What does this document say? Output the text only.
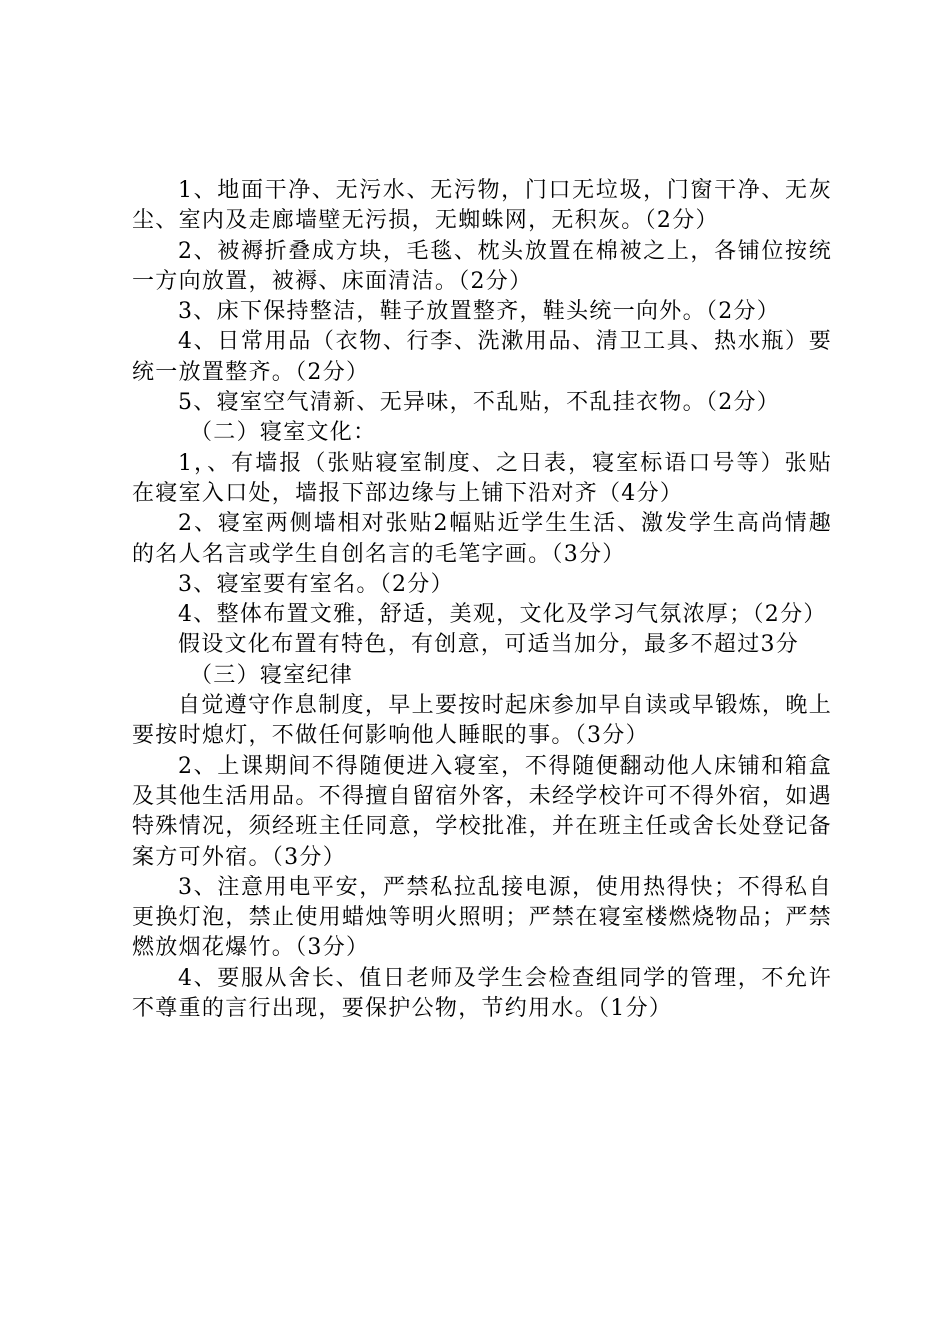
1、地面干净、无污水、无污物，门口无垃圾，门窗干净、无灰尘、室内及走廊墙壁无污损，无蜘蛛网，无积灰。（2分）

2、被褥折叠成方块，毛毯、枕头放置在棉被之上，各铺位按统一方向放置，被褥、床面清洁。（2分）

3、床下保持整洁，鞋子放置整齐，鞋头统一向外。（2分）

4、日常用品（衣物、行李、洗漱用品、清卫工具、热水瓶）要统一放置整齐。（2分）

5、寝室空气清新、无异味，不乱贴，不乱挂衣物。（2分）

（二）寝室文化：

1，、有墙报（张贴寝室制度、之日表，寝室标语口号等）张贴在寝室入口处，墙报下部边缘与上铺下沿对齐（4分）

2、寝室两侧墙相对张贴2幅贴近学生生活、激发学生高尚情趣的名人名言或学生自创名言的毛笔字画。（3分）

3、寝室要有室名。（2分）

4、整体布置文雅，舒适，美观，文化及学习气氛浓厚；（2分）

假设文化布置有特色，有创意，可适当加分，最多不超过3分

（三）寝室纪律

自觉遵守作息制度，早上要按时起床参加早自读或早锻炼，晚上要按时熄灯，不做任何影响他人睡眠的事。（3分）

2、上课期间不得随便进入寝室，不得随便翻动他人床铺和箱盒及其他生活用品。不得擅自留宿外客，未经学校许可不得外宿，如遇特殊情况，须经班主任同意，学校批准，并在班主任或舍长处登记备案方可外宿。（3分）

3、注意用电平安，严禁私拉乱接电源，使用热得快；不得私自更换灯泡，禁止使用蜡烛等明火照明；严禁在寝室楼燃烧物品；严禁燃放烟花爆竹。（3分）

4、要服从舍长、值日老师及学生会检查组同学的管理，不允许不尊重的言行出现，要保护公物，节约用水。（1分）
